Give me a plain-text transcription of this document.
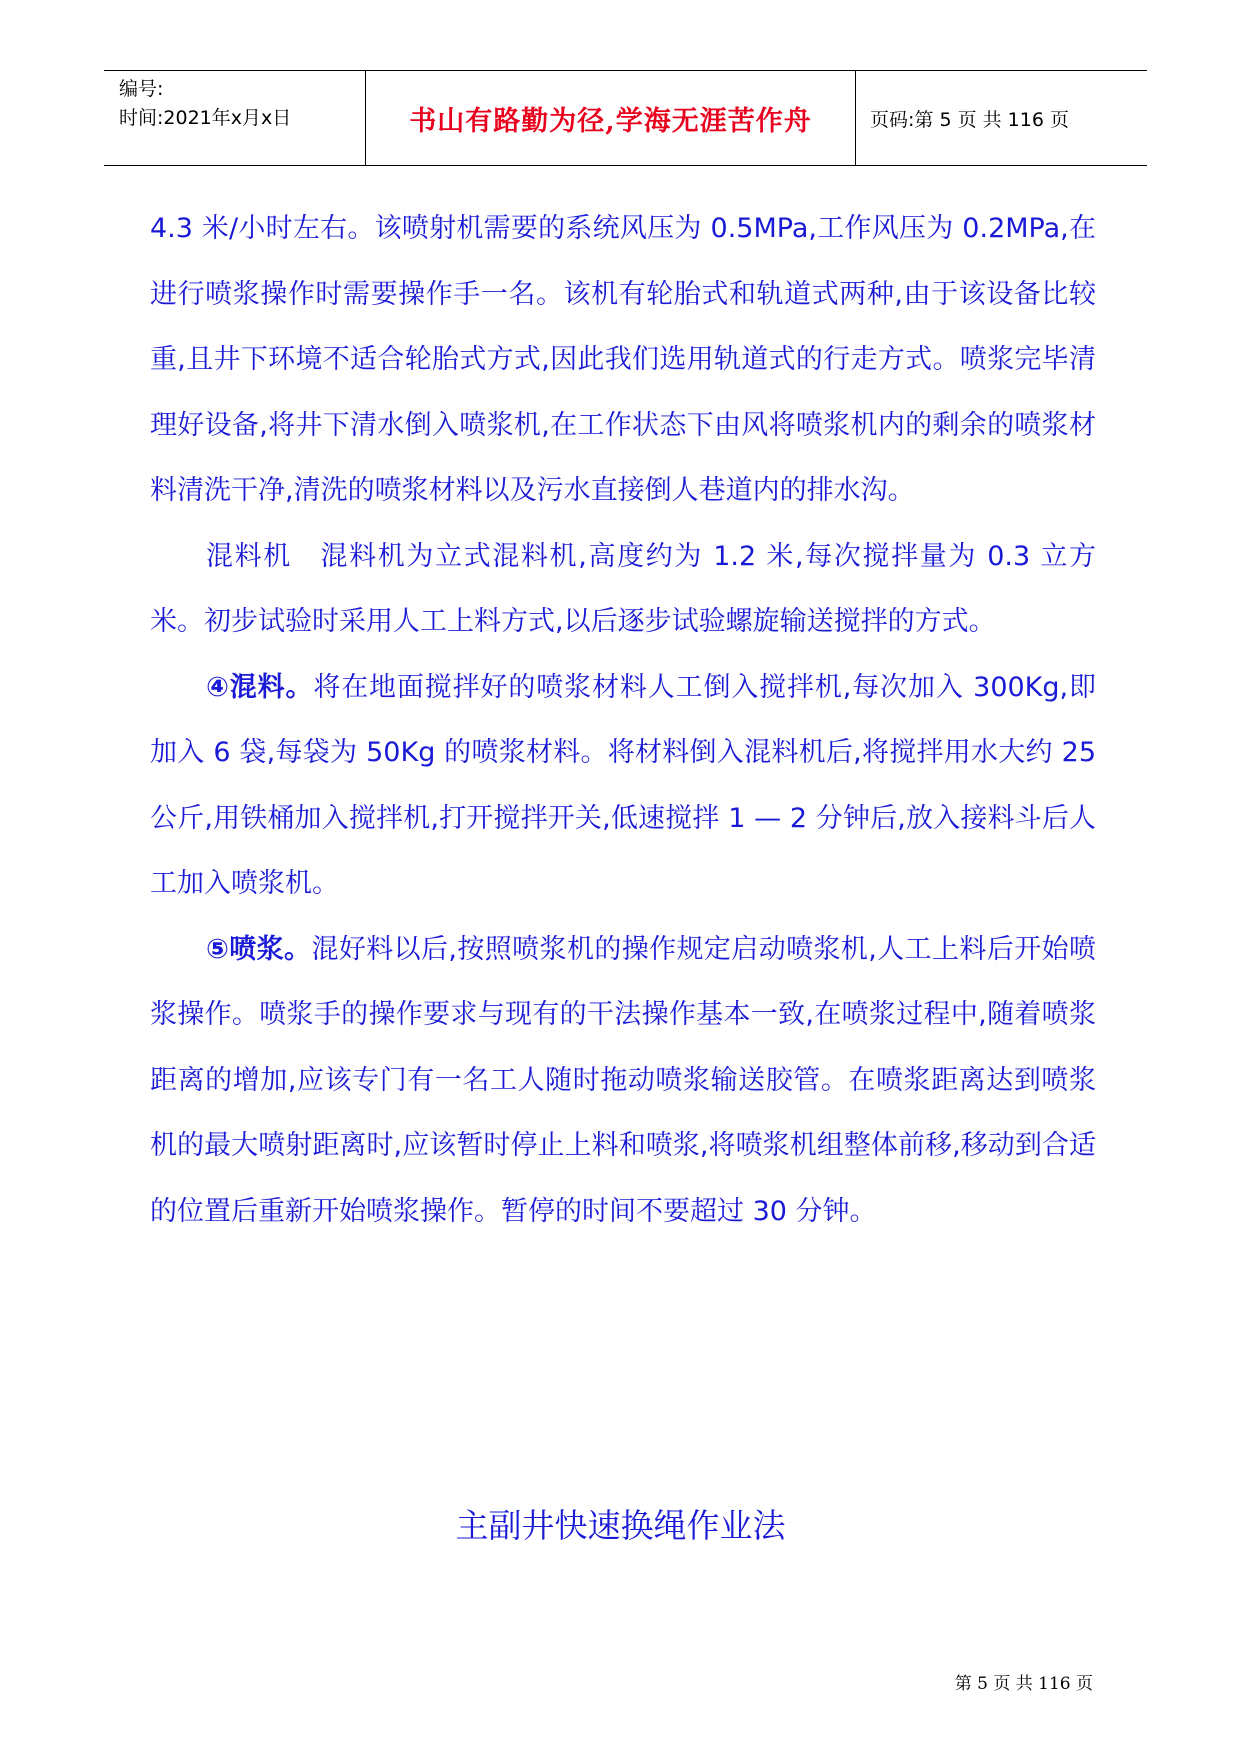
编号:
时间:2021年x月x日	书山有路勤为径,学海无涯苦作舟	页码:第 5 页 共 116 页

4.3 米/小时左右。该喷射机需要的系统风压为 0.5MPa,工作风压为 0.2MPa,在进行喷浆操作时需要操作手一名。该机有轮胎式和轨道式两种,由于该设备比较重,且井下环境不适合轮胎式方式,因此我们选用轨道式的行走方式。喷浆完毕清理好设备,将井下清水倒入喷浆机,在工作状态下由风将喷浆机内的剩余的喷浆材料清洗干净,清洗的喷浆材料以及污水直接倒人巷道内的排水沟。

混料机　混料机为立式混料机,高度约为 1.2 米,每次搅拌量为 0.3 立方米。初步试验时采用人工上料方式,以后逐步试验螺旋输送搅拌的方式。

④混料。将在地面搅拌好的喷浆材料人工倒入搅拌机,每次加入 300Kg,即加入 6 袋,每袋为 50Kg 的喷浆材料。将材料倒入混料机后,将搅拌用水大约 25 公斤,用铁桶加入搅拌机,打开搅拌开关,低速搅拌 1 — 2 分钟后,放入接料斗后人工加入喷浆机。

⑤喷浆。混好料以后,按照喷浆机的操作规定启动喷浆机,人工上料后开始喷浆操作。喷浆手的操作要求与现有的干法操作基本一致,在喷浆过程中,随着喷浆距离的增加,应该专门有一名工人随时拖动喷浆输送胶管。在喷浆距离达到喷浆机的最大喷射距离时,应该暂时停止上料和喷浆,将喷浆机组整体前移,移动到合适的位置后重新开始喷浆操作。暂停的时间不要超过 30 分钟。

主副井快速换绳作业法
第 5 页 共 116 页
